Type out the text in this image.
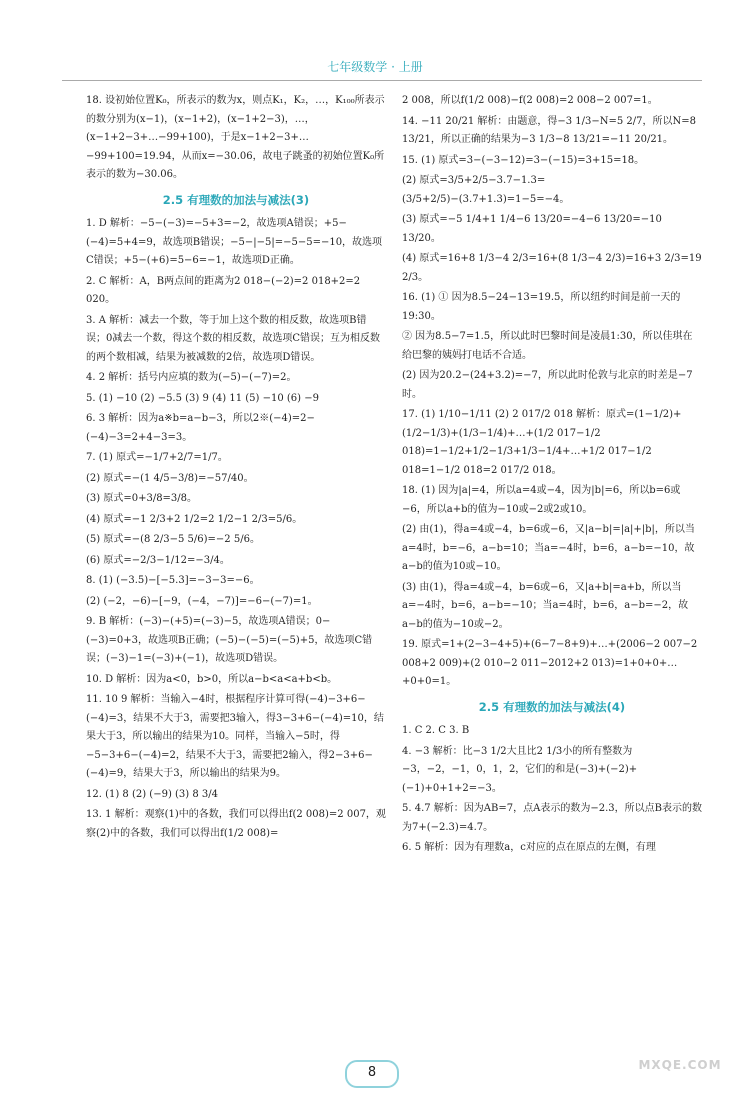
七年级数学 · 上册
18. 设初始位置K₀，所表示的数为x，则点K₁，K₂，…，K₁₀₀所表示的数分别为(x−1)，(x−1+2)，(x−1+2−3)，…，(x−1+2−3+…−99+100)，于是x−1+2−3+…−99+100=19.94，从而x=−30.06，故电子跳蚤的初始位置K₀所表示的数为−30.06。
2.5 有理数的加法与减法(3)
1. D 解析：−5−(−3)=−5+3=−2，故选项A错误；+5−(−4)=5+4=9，故选项B错误；−5−|−5|=−5−5=−10，故选项C错误；+5−(+6)=5−6=−1，故选项D正确。
2. C 解析：A，B两点间的距离为2 018−(−2)=2 018+2=2 020。
3. A 解析：减去一个数，等于加上这个数的相反数，故选项B错误；0减去一个数，得这个数的相反数，故选项C错误；互为相反数的两个数相减，结果为被减数的2倍，故选项D错误。
4. 2 解析：括号内应填的数为(−5)−(−7)=2。
5. (1) −10 (2) −5.5 (3) 9 (4) 11 (5) −10 (6) −9
6. 3 解析：因为a※b=a−b−3，所以2※(−4)=2−(−4)−3=2+4−3=3。
7. (1) 原式=−1/7+2/7=1/7。
(2) 原式=−(1 4/5−3/8)=−57/40。
(3) 原式=0+3/8=3/8。
(4) 原式=−1 2/3+2 1/2=2 1/2−1 2/3=5/6。
(5) 原式=−(8 2/3−5 5/6)=−2 5/6。
(6) 原式=−2/3−1/12=−3/4。
8. (1) (−3.5)−[−5.3]=−3−3=−6。
(2) (−2，−6)−[−9，(−4，−7)]=−6−(−7)=1。
9. B 解析：(−3)−(+5)=(−3)−5，故选项A错误；0−(−3)=0+3，故选项B正确；(−5)−(−5)=(−5)+5，故选项C错误；(−3)−1=(−3)+(−1)，故选项D错误。
10. D 解析：因为a<0，b>0，所以a−b<a<a+b<b。
11. 10 9 解析：当输入−4时，根据程序计算可得(−4)−3+6−(−4)=3，结果不大于3，需要把3输入，得3−3+6−(−4)=10，结果大于3，所以输出的结果为10。同样，当输入−5时，得−5−3+6−(−4)=2，结果不大于3，需要把2输入，得2−3+6−(−4)=9，结果大于3，所以输出的结果为9。
12. (1) 8 (2) (−9) (3) 8 3/4
13. 1 解析：观察(1)中的各数，我们可以得出f(2 008)=2 007，观察(2)中的各数，我们可以得出f(1/2 008)=
2 008，所以f(1/2 008)−f(2 008)=2 008−2 007=1。
14. −11 20/21 解析：由题意，得−3 1/3−N=5 2/7，所以N=8 13/21，所以正确的结果为−3 1/3−8 13/21=−11 20/21。
15. (1) 原式=3−(−3−12)=3−(−15)=3+15=18。
(2) 原式=3/5+2/5−3.7−1.3=(3/5+2/5)−(3.7+1.3)=1−5=−4。
(3) 原式=−5 1/4+1 1/4−6 13/20=−4−6 13/20=−10 13/20。
(4) 原式=16+8 1/3−4 2/3=16+(8 1/3−4 2/3)=16+3 2/3=19 2/3。
16. (1) ① 因为8.5−24−13=19.5，所以纽约时间是前一天的19:30。
② 因为8.5−7=1.5，所以此时巴黎时间是凌晨1:30，所以佳琪在给巴黎的姨妈打电话不合适。
(2) 因为20.2−(24+3.2)=−7，所以此时伦敦与北京的时差是−7时。
17. (1) 1/10−1/11 (2) 2 017/2 018 解析：原式=(1−1/2)+(1/2−1/3)+(1/3−1/4)+…+(1/2 017−1/2 018)=1−1/2+1/2−1/3+1/3−1/4+…+1/2 017−1/2 018=1−1/2 018=2 017/2 018。
18. (1) 因为|a|=4，所以a=4或−4，因为|b|=6，所以b=6或−6，所以a+b的值为−10或−2或2或10。
(2) 由(1)，得a=4或−4，b=6或−6，又|a−b|=|a|+|b|，所以当a=4时，b=−6，a−b=10；当a=−4时，b=6，a−b=−10，故a−b的值为10或−10。
(3) 由(1)，得a=4或−4，b=6或−6，又|a+b|=a+b，所以当a=−4时，b=6，a−b=−10；当a=4时，b=6，a−b=−2，故a−b的值为−10或−2。
19. 原式=1+(2−3−4+5)+(6−7−8+9)+…+(2006−2 007−2 008+2 009)+(2 010−2 011−2012+2 013)=1+0+0+…+0+0=1。
2.5 有理数的加法与减法(4)
1. C 2. C 3. B
4. −3 解析：比−3 1/2大且比2 1/3小的所有整数为−3，−2，−1，0，1，2，它们的和是(−3)+(−2)+(−1)+0+1+2=−3。
5. 4.7 解析：因为AB=7，点A表示的数为−2.3，所以点B表示的数为7+(−2.3)=4.7。
6. 5 解析：因为有理数a，c对应的点在原点的左侧，有理
8	MXQE.COM
